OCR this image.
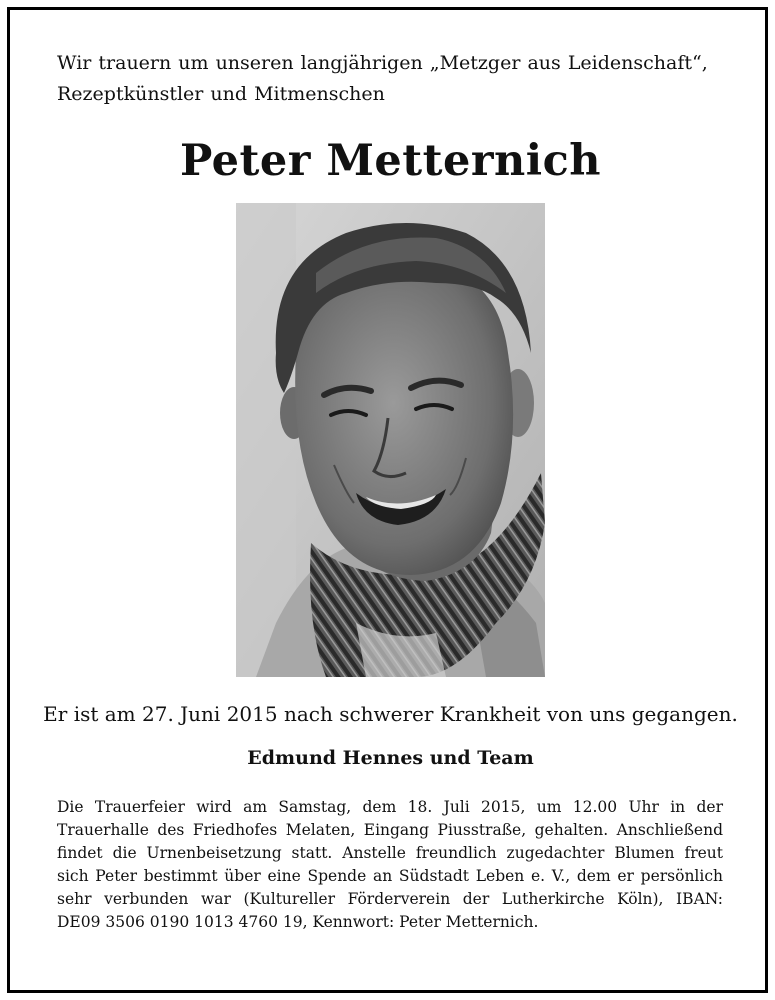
Wir trauern um unseren langjährigen „Metzger aus Leidenschaft“,
Rezeptkünstler und Mitmenschen
Peter Metternich
Er ist am 27. Juni 2015 nach schwerer Krankheit von uns gegangen.
Edmund Hennes und Team
Die Trauerfeier wird am Samstag, dem 18. Juli 2015, um 12.00 Uhr in der
Trauerhalle des Friedhofes Melaten, Eingang Piusstraße, gehalten. Anschließend
findet die Urnenbeisetzung statt. Anstelle freundlich zugedachter Blumen freut
sich Peter bestimmt über eine Spende an Südstadt Leben e. V., dem er persönlich
sehr verbunden war (Kultureller Förderverein der Lutherkirche Köln), IBAN:
DE09 3506 0190 1013 4760 19, Kennwort: Peter Metternich.
